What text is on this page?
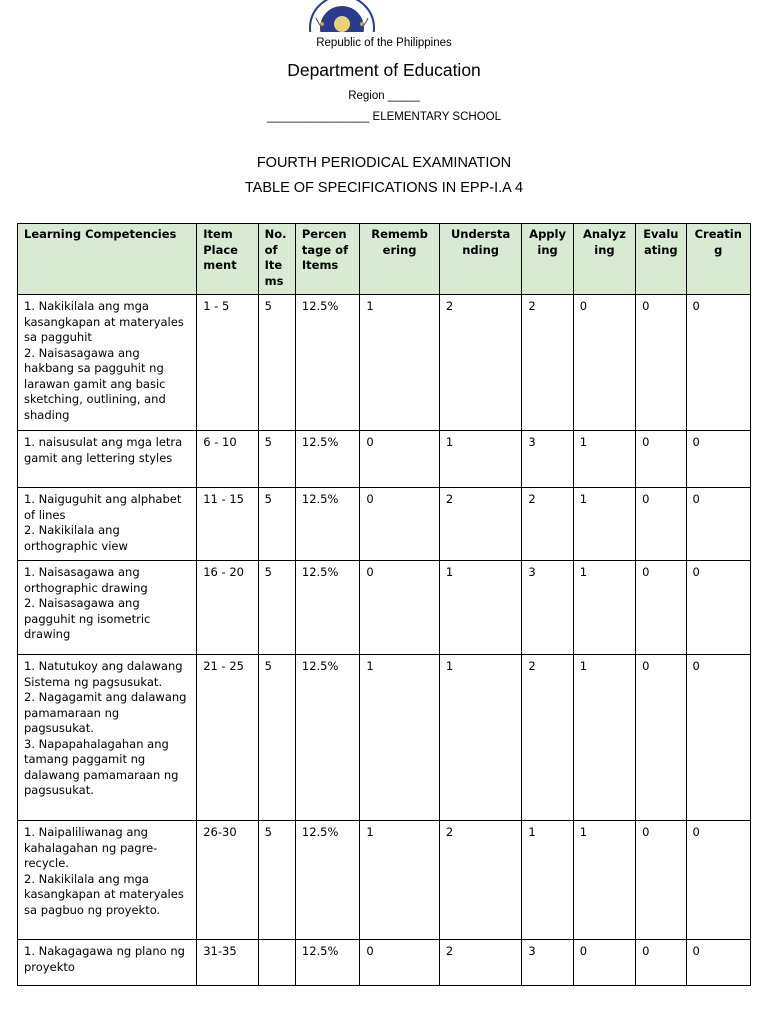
Republic of the Philippines
Department of Education
Region _____
________________ ELEMENTARY SCHOOL
FOURTH PERIODICAL EXAMINATION
TABLE OF SPECIFICATIONS IN EPP-I.A 4
Learning Competencies	Item
Place
ment	No.
of
Ite
ms	Percen
tage of
Items	Rememb
ering	Understa
nding	Apply
ing	Analyz
ing	Evalu
ating	Creatin
g

1. Nakikilala ang mga kasangkapan at materyales sa pagguhit
2. Naisasagawa ang hakbang sa pagguhit ng larawan gamit ang basic sketching, outlining, and shading	1 - 5	5	12.5%	1	2	2	0	0	0

1. naisusulat ang mga letra gamit ang lettering styles	6 - 10	5	12.5%	0	1	3	1	0	0

1. Naiguguhit ang alphabet of lines
2. Nakikilala ang orthographic view	11 - 15	5	12.5%	0	2	2	1	0	0

1. Naisasagawa ang orthographic drawing
2. Naisasagawa ang pagguhit ng isometric drawing	16 - 20	5	12.5%	0	1	3	1	0	0

1. Natutukoy ang dalawang Sistema ng pagsusukat.
2. Nagagamit ang dalawang pamamaraan ng pagsusukat.
3. Napapahalagahan ang tamang paggamit ng dalawang pamamaraan ng pagsusukat.	21 - 25	5	12.5%	1	1	2	1	0	0

1. Naipaliliwanag ang kahalagahan ng pagre-recycle.
2. Nakikilala ang mga kasangkapan at materyales sa pagbuo ng proyekto.	26-30	5	12.5%	1	2	1	1	0	0

1. Nakagagawa ng plano ng proyekto	31-35		12.5%	0	2	3	0	0	0
